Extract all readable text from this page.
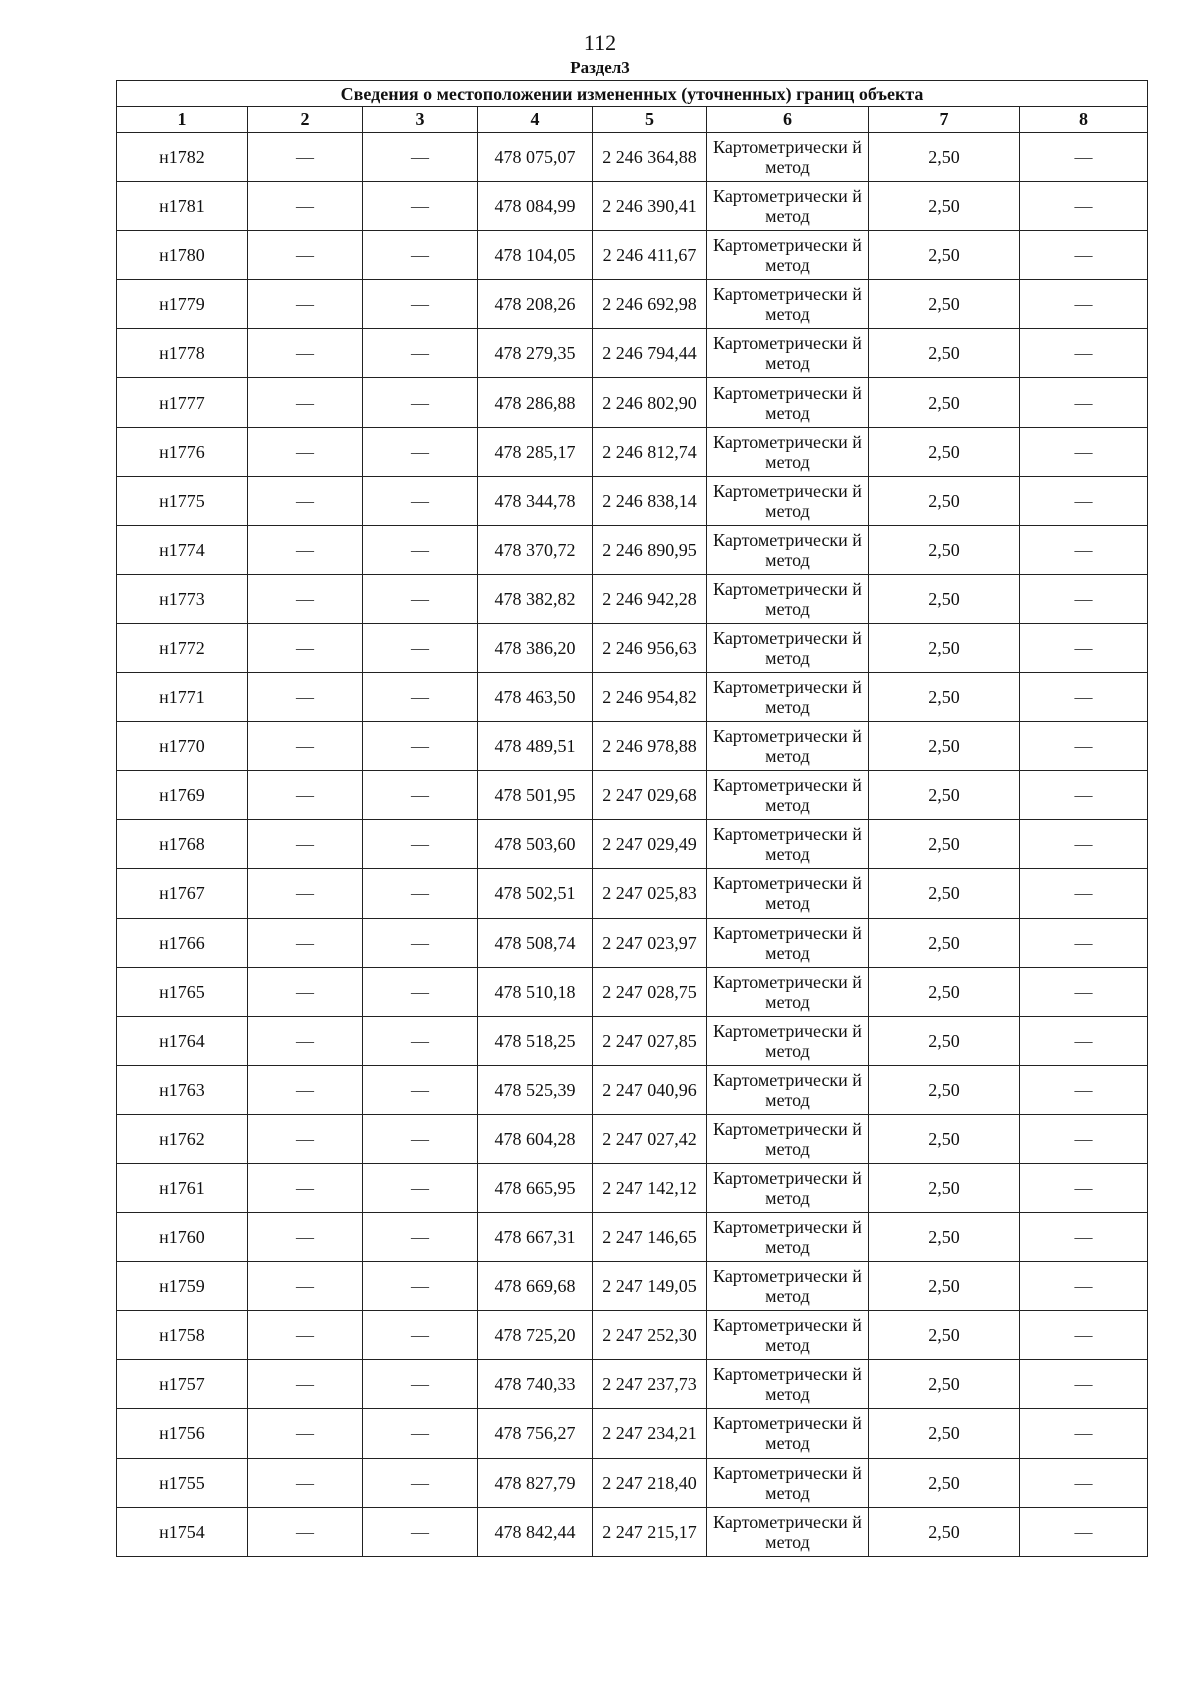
112
Раздел3
Сведения о местоположении измененных (уточненных) границ объекта							
1	2	3	4	5	6	7	8
н1782	—	—	478 075,07	2 246 364,88	Картометрически й метод	2,50	—
н1781	—	—	478 084,99	2 246 390,41	Картометрически й метод	2,50	—
н1780	—	—	478 104,05	2 246 411,67	Картометрически й метод	2,50	—
н1779	—	—	478 208,26	2 246 692,98	Картометрически й метод	2,50	—
н1778	—	—	478 279,35	2 246 794,44	Картометрически й метод	2,50	—
н1777	—	—	478 286,88	2 246 802,90	Картометрически й метод	2,50	—
н1776	—	—	478 285,17	2 246 812,74	Картометрически й метод	2,50	—
н1775	—	—	478 344,78	2 246 838,14	Картометрически й метод	2,50	—
н1774	—	—	478 370,72	2 246 890,95	Картометрически й метод	2,50	—
н1773	—	—	478 382,82	2 246 942,28	Картометрически й метод	2,50	—
н1772	—	—	478 386,20	2 246 956,63	Картометрически й метод	2,50	—
н1771	—	—	478 463,50	2 246 954,82	Картометрически й метод	2,50	—
н1770	—	—	478 489,51	2 246 978,88	Картометрически й метод	2,50	—
н1769	—	—	478 501,95	2 247 029,68	Картометрически й метод	2,50	—
н1768	—	—	478 503,60	2 247 029,49	Картометрически й метод	2,50	—
н1767	—	—	478 502,51	2 247 025,83	Картометрически й метод	2,50	—
н1766	—	—	478 508,74	2 247 023,97	Картометрически й метод	2,50	—
н1765	—	—	478 510,18	2 247 028,75	Картометрически й метод	2,50	—
н1764	—	—	478 518,25	2 247 027,85	Картометрически й метод	2,50	—
н1763	—	—	478 525,39	2 247 040,96	Картометрически й метод	2,50	—
н1762	—	—	478 604,28	2 247 027,42	Картометрически й метод	2,50	—
н1761	—	—	478 665,95	2 247 142,12	Картометрически й метод	2,50	—
н1760	—	—	478 667,31	2 247 146,65	Картометрически й метод	2,50	—
н1759	—	—	478 669,68	2 247 149,05	Картометрически й метод	2,50	—
н1758	—	—	478 725,20	2 247 252,30	Картометрически й метод	2,50	—
н1757	—	—	478 740,33	2 247 237,73	Картометрически й метод	2,50	—
н1756	—	—	478 756,27	2 247 234,21	Картометрически й метод	2,50	—
н1755	—	—	478 827,79	2 247 218,40	Картометрически й метод	2,50	—
н1754	—	—	478 842,44	2 247 215,17	Картометрически й метод	2,50	—
